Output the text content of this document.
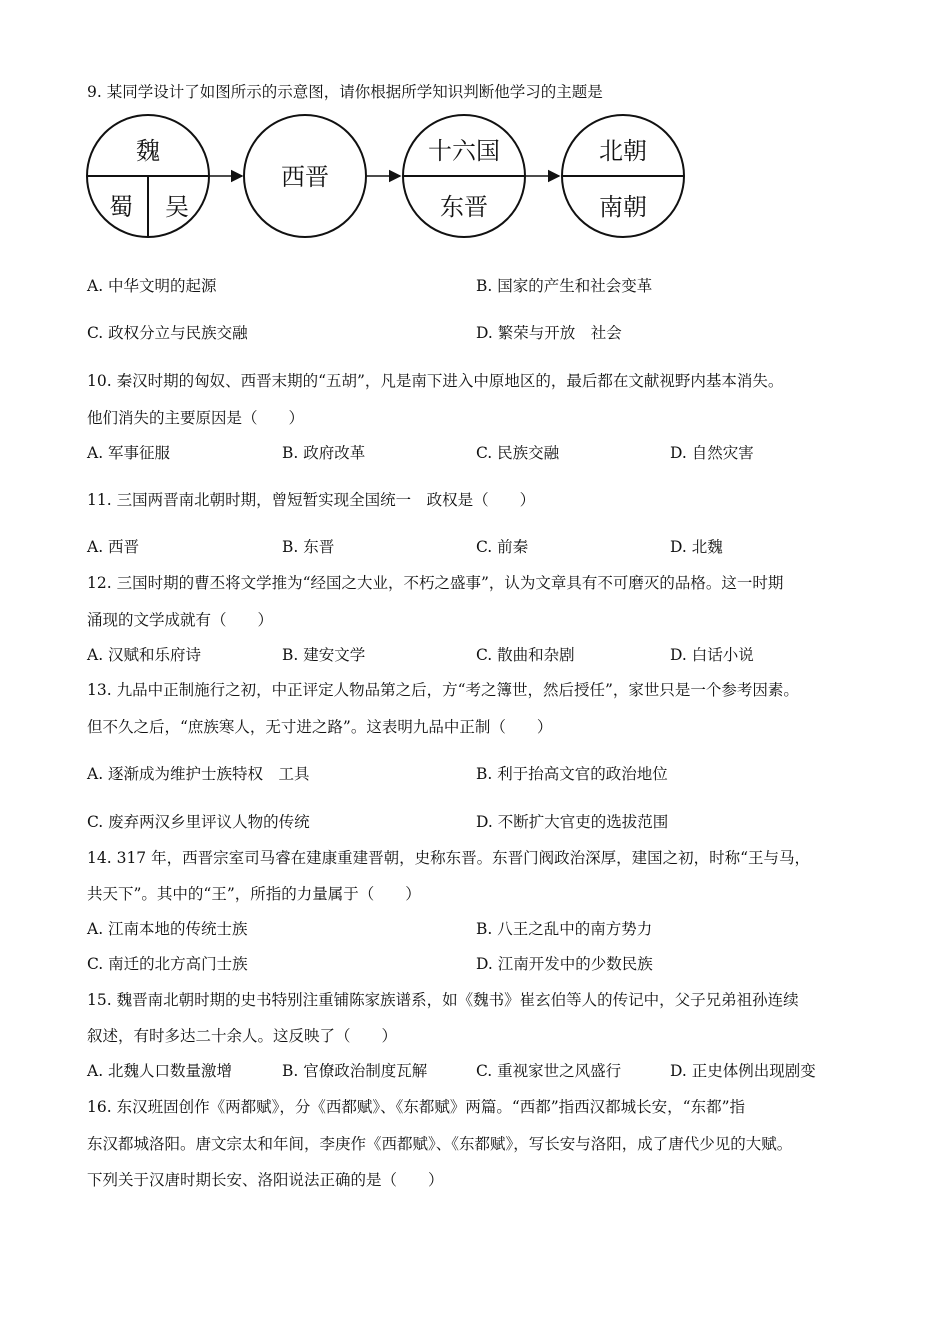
9. 某同学设计了如图所示的示意图，请你根据所学知识判断他学习的主题是
魏
蜀 吴
西晋
十六国
东晋
北朝
南朝
A. 中华文明的起源	B. 国家的产生和社会变革
C. 政权分立与民族交融	D. 繁荣与开放　社会
10. 秦汉时期的匈奴、西晋末期的“五胡”，凡是南下进入中原地区的，最后都在文献视野内基本消失。
他们消失的主要原因是（　　）
A. 军事征服	B. 政府改革	C. 民族交融	D. 自然灾害
11. 三国两晋南北朝时期，曾短暂实现全国统一　政权是（　　）
A. 西晋	B. 东晋	C. 前秦	D. 北魏
12. 三国时期的曹丕将文学推为“经国之大业，不朽之盛事”，认为文章具有不可磨灭的品格。这一时期
涌现的文学成就有（　　）
A. 汉赋和乐府诗	B. 建安文学	C. 散曲和杂剧	D. 白话小说
13. 九品中正制施行之初，中正评定人物品第之后，方“考之簿世，然后授任”，家世只是一个参考因素。
但不久之后，“庶族寒人，无寸进之路”。这表明九品中正制（　　）
A. 逐渐成为维护士族特权　工具	B. 利于抬高文官的政治地位
C. 废弃两汉乡里评议人物的传统	D. 不断扩大官吏的选拔范围
14. 317 年，西晋宗室司马睿在建康重建晋朝，史称东晋。东晋门阀政治深厚，建国之初，时称“王与马，
共天下”。其中的“王”，所指的力量属于（　　）
A. 江南本地的传统士族	B. 八王之乱中的南方势力
C. 南迁的北方高门士族	D. 江南开发中的少数民族
15. 魏晋南北朝时期的史书特别注重铺陈家族谱系，如《魏书》崔玄伯等人的传记中，父子兄弟祖孙连续
叙述，有时多达二十余人。这反映了（　　）
A. 北魏人口数量激增	B. 官僚政治制度瓦解	C. 重视家世之风盛行	D. 正史体例出现剧变
16. 东汉班固创作《两都赋》，分《西都赋》、《东都赋》两篇。“西都”指西汉都城长安，“东都”指
东汉都城洛阳。唐文宗太和年间，李庚作《西都赋》、《东都赋》，写长安与洛阳，成了唐代少见的大赋。
下列关于汉唐时期长安、洛阳说法正确的是（　　）
